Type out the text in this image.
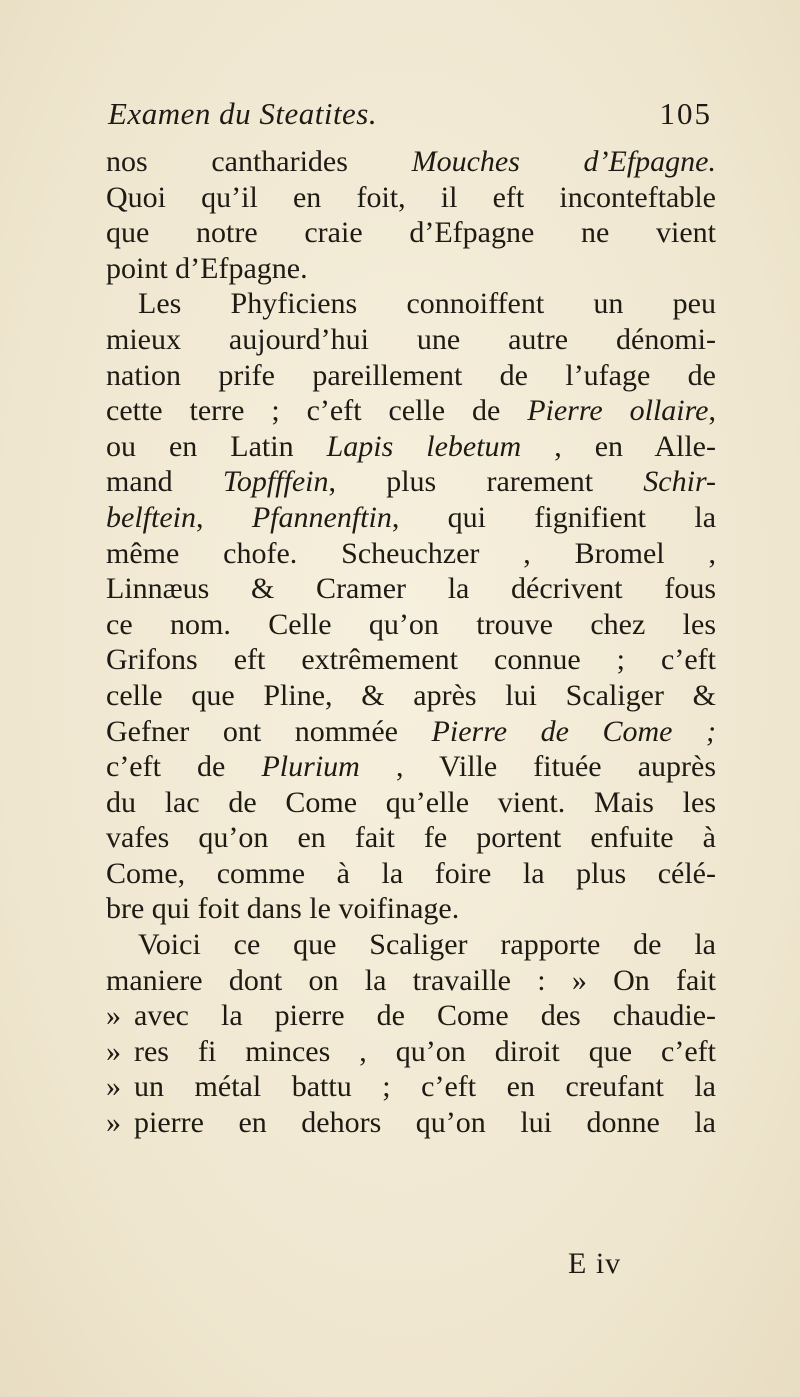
Examen du Steatites.	105
nos cantharides Mouches d’Efpagne.
Quoi qu’il en foit, il eft inconteftable
que notre craie d’Efpagne ne vient
point d’Efpagne.
Les Phyficiens connoiffent un peu
mieux aujourd’hui une autre dénomi-
nation prife pareillement de l’ufage de
cette terre ; c’eft celle de Pierre ollaire,
ou en Latin Lapis lebetum , en Alle-
mand Topfffein, plus rarement Schir-
belftein, Pfannenftin, qui fignifient la
même chofe. Scheuchzer , Bromel ,
Linnæus & Cramer la décrivent fous
ce nom. Celle qu’on trouve chez les
Grifons eft extrêmement connue ; c’eft
celle que Pline, & après lui Scaliger &
Gefner ont nommée Pierre de Come ;
c’eft de Plurium , Ville fituée auprès
du lac de Come qu’elle vient. Mais les
vafes qu’on en fait fe portent enfuite à
Come, comme à la foire la plus célé-
bre qui foit dans le voifinage.
Voici ce que Scaliger rapporte de la
maniere dont on la travaille : » On fait
» avec la pierre de Come des chaudie-
» res fi minces , qu’on diroit que c’eft
» un métal battu ; c’eft en creufant la
» pierre en dehors qu’on lui donne la
E iv
